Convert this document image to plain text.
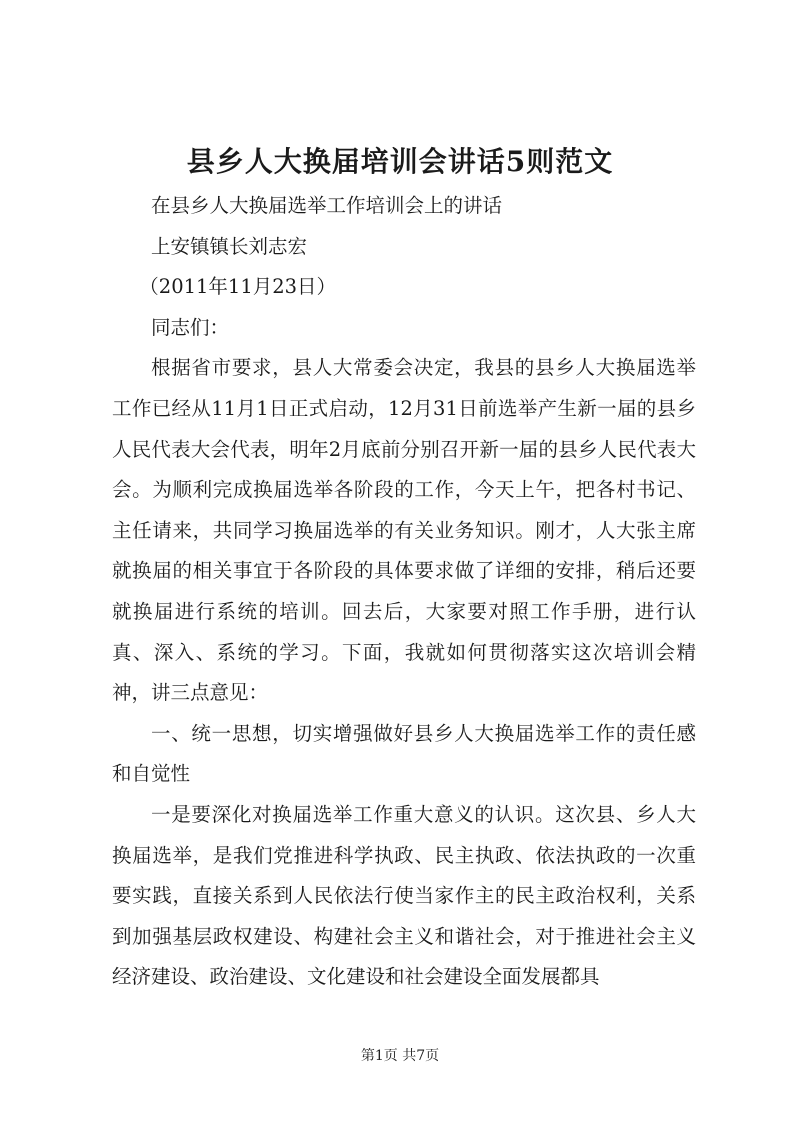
县乡人大换届培训会讲话5则范文

在县乡人大换届选举工作培训会上的讲话

上安镇镇长刘志宏

（2011年11月23日）

同志们：

根据省市要求，县人大常委会决定，我县的县乡人大换届选举工作已经从11月1日正式启动，12月31日前选举产生新一届的县乡人民代表大会代表，明年2月底前分别召开新一届的县乡人民代表大会。为顺利完成换届选举各阶段的工作，今天上午，把各村书记、主任请来，共同学习换届选举的有关业务知识。刚才，人大张主席就换届的相关事宜于各阶段的具体要求做了详细的安排，稍后还要就换届进行系统的培训。回去后，大家要对照工作手册，进行认真、深入、系统的学习。下面，我就如何贯彻落实这次培训会精神，讲三点意见：

一、统一思想，切实增强做好县乡人大换届选举工作的责任感和自觉性

一是要深化对换届选举工作重大意义的认识。这次县、乡人大换届选举，是我们党推进科学执政、民主执政、依法执政的一次重要实践，直接关系到人民依法行使当家作主的民主政治权利，关系到加强基层政权建设、构建社会主义和谐社会，对于推进社会主义经济建设、政治建设、文化建设和社会建设全面发展都具

第1页 共7页
